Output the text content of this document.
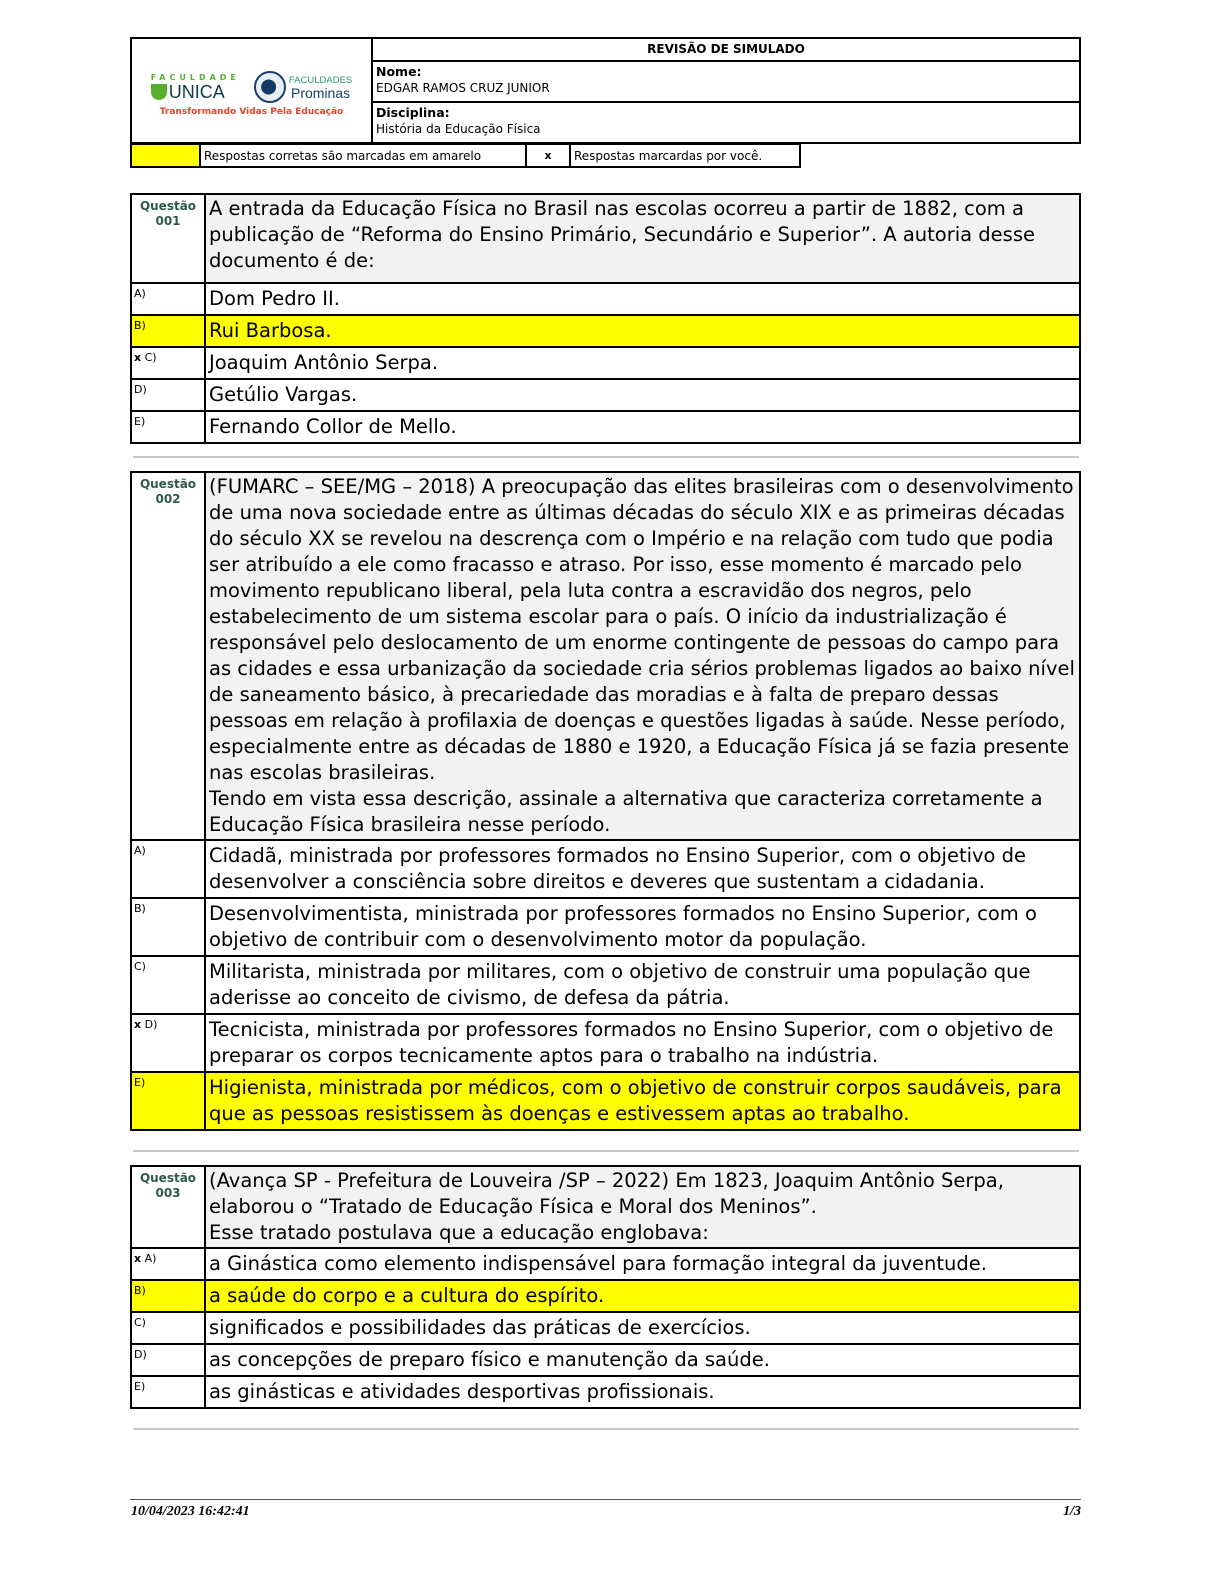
FACULDADE
UNICA
FACULDADES
Prominas
Transformando Vidas Pela Educação
	REVISÃO DE SIMULADO

Nome:
EDGAR RAMOS CRUZ JUNIOR

Disciplina:
História da Educação Física
	Respostas corretas são marcadas em amarelo	x	Respostas marcardas por você.
Questão
001	A entrada da Educação Física no Brasil nas escolas ocorreu a partir de 1882, com a publicação de “Reforma do Ensino Primário, Secundário e Superior”. A autoria desse documento é de:
A)	Dom Pedro II.
B)	Rui Barbosa.
x C)	Joaquim Antônio Serpa.
D)	Getúlio Vargas.
E)	Fernando Collor de Mello.
Questão
002	(FUMARC – SEE/MG – 2018) A preocupação das elites brasileiras com o desenvolvimento de uma nova sociedade entre as últimas décadas do século XIX e as primeiras décadas do século XX se revelou na descrença com o Império e na relação com tudo que podia ser atribuído a ele como fracasso e atraso. Por isso, esse momento é marcado pelo movimento republicano liberal, pela luta contra a escravidão dos negros, pelo estabelecimento de um sistema escolar para o país. O início da industrialização é responsável pelo deslocamento de um enorme contingente de pessoas do campo para as cidades e essa urbanização da sociedade cria sérios problemas ligados ao baixo nível de saneamento básico, à precariedade das moradias e à falta de preparo dessas pessoas em relação à profilaxia de doenças e questões ligadas à saúde. Nesse período, especialmente entre as décadas de 1880 e 1920, a Educação Física já se fazia presente nas escolas brasileiras.
Tendo em vista essa descrição, assinale a alternativa que caracteriza corretamente a Educação Física brasileira nesse período.

A)	Cidadã, ministrada por professores formados no Ensino Superior, com o objetivo de desenvolver a consciência sobre direitos e deveres que sustentam a cidadania.
B)	Desenvolvimentista, ministrada por professores formados no Ensino Superior, com o objetivo de contribuir com o desenvolvimento motor da população.
C)	Militarista, ministrada por militares, com o objetivo de construir uma população que aderisse ao conceito de civismo, de defesa da pátria.
x D)	Tecnicista, ministrada por professores formados no Ensino Superior, com o objetivo de preparar os corpos tecnicamente aptos para o trabalho na indústria.
E)	Higienista, ministrada por médicos, com o objetivo de construir corpos saudáveis, para que as pessoas resistissem às doenças e estivessem aptas ao trabalho.
Questão
003	(Avança SP - Prefeitura de Louveira /SP – 2022) Em 1823, Joaquim Antônio Serpa, elaborou o “Tratado de Educação Física e Moral dos Meninos”.
Esse tratado postulava que a educação englobava:

x A)	a Ginástica como elemento indispensável para formação integral da juventude.
B)	a saúde do corpo e a cultura do espírito.
C)	significados e possibilidades das práticas de exercícios.
D)	as concepções de preparo físico e manutenção da saúde.
E)	as ginásticas e atividades desportivas profissionais.
10/04/2023 16:42:41	1/3
